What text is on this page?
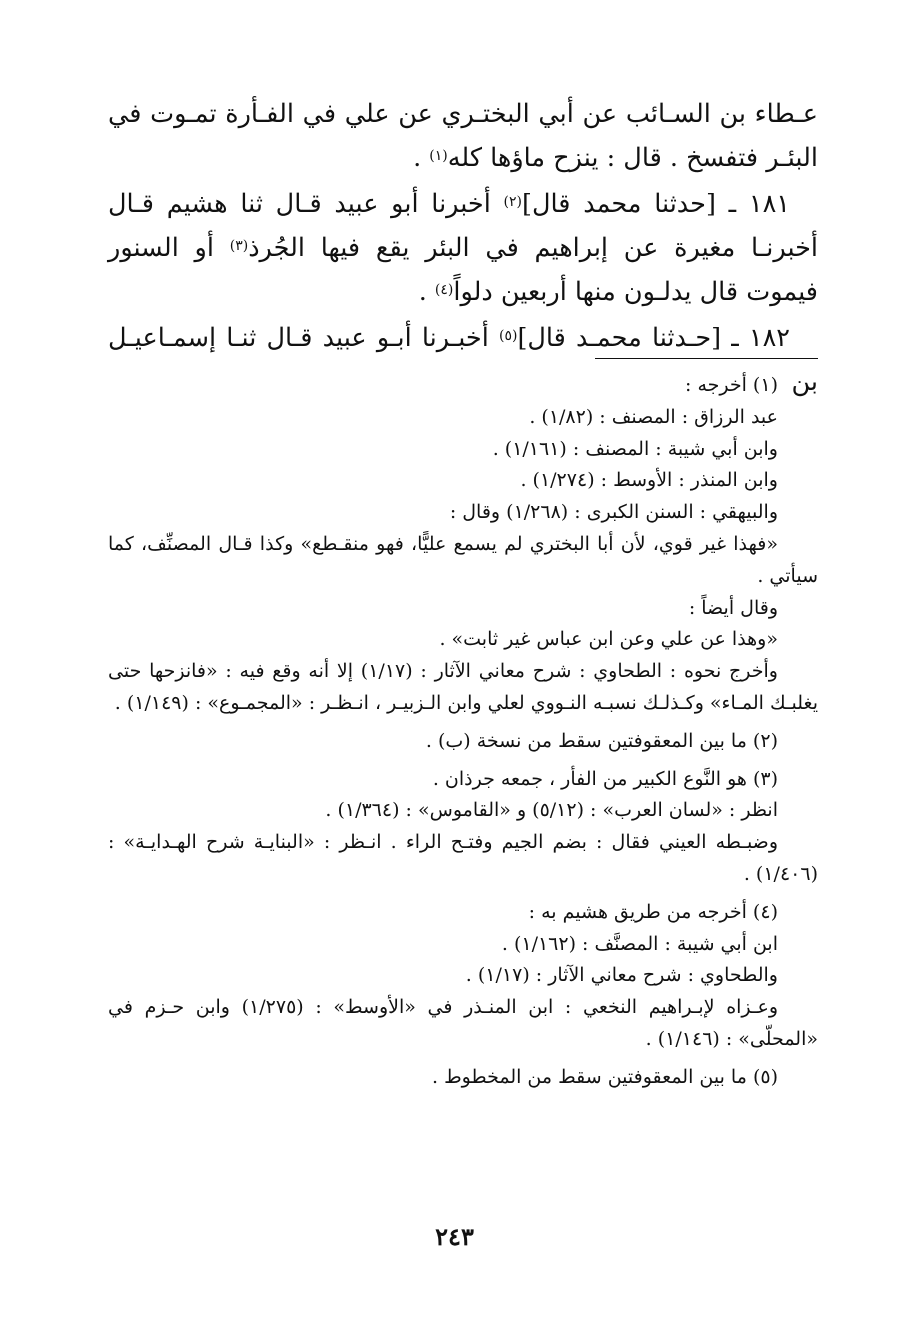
عـطاء بن السـائب عن أبي البختـري عن علي في الفـأرة تمـوت في البئـر فتفسخ . قال : ينزح ماؤها كله$^{(١)}$ .

١٨١ ـ [حدثنا محمد قال]$^{(٢)}$ أخبرنا أبو عبيد قـال ثنا هشيم قـال أخبرنـا مغيرة عن إبراهيم في البئر يقع فيها الجُرذ$^{(٣)}$ أو السنور فيموت قال يدلـون منها أربعين دلواً$^{(٤)}$ .

١٨٢ ـ [حـدثنا محمـد قال]$^{(٥)}$ أخبـرنا أبـو عبيد قـال ثنـا إسمـاعيـل بن

(١) أخرجه :

عبد الرزاق : المصنف : (١/٨٢) .

وابن أبي شيبة : المصنف : (١/١٦١) .

وابن المنذر : الأوسط : (١/٢٧٤) .

والبيهقي : السنن الكبرى : (١/٢٦٨) وقال :

«فهذا غير قوي، لأن أبا البختري لم يسمع عليًّا، فهو منقـطع» وكذا قـال المصنِّف، كما سيأتي .

وقال أيضاً :

«وهذا عن علي وعن ابن عباس غير ثابت» .

وأخرج نحوه : الطحاوي : شرح معاني الآثار : (١/١٧) إلا أنه وقع فيه : «فانزحها حتى يغلبـك المـاء» وكـذلـك نسبـه النـووي لعلي وابن الـزبيـر ، انـظـر : «المجمـوع» : (١/١٤٩) .

(٢) ما بين المعقوفتين سقط من نسخة (ب) .

(٣) هو النَّوع الكبير من الفأر ، جمعه جرذان .

انظر : «لسان العرب» : (٥/١٢) و «القاموس» : (١/٣٦٤) .

وضبـطه العيني فقال : بضم الجيم وفتـح الراء . انـظر : «البنايـة شرح الهـدايـة» : (١/٤٠٦) .

(٤) أخرجه من طريق هشيم به :

ابن أبي شيبة : المصنَّف : (١/١٦٢) .

والطحاوي : شرح معاني الآثار : (١/١٧) .

وعـزاه لإبـراهيم النخعي : ابن المنـذر في «الأوسط» : (١/٢٧٥) وابن حـزم في «المحلّى» : (١/١٤٦) .

(٥) ما بين المعقوفتين سقط من المخطوط .

٢٤٣
